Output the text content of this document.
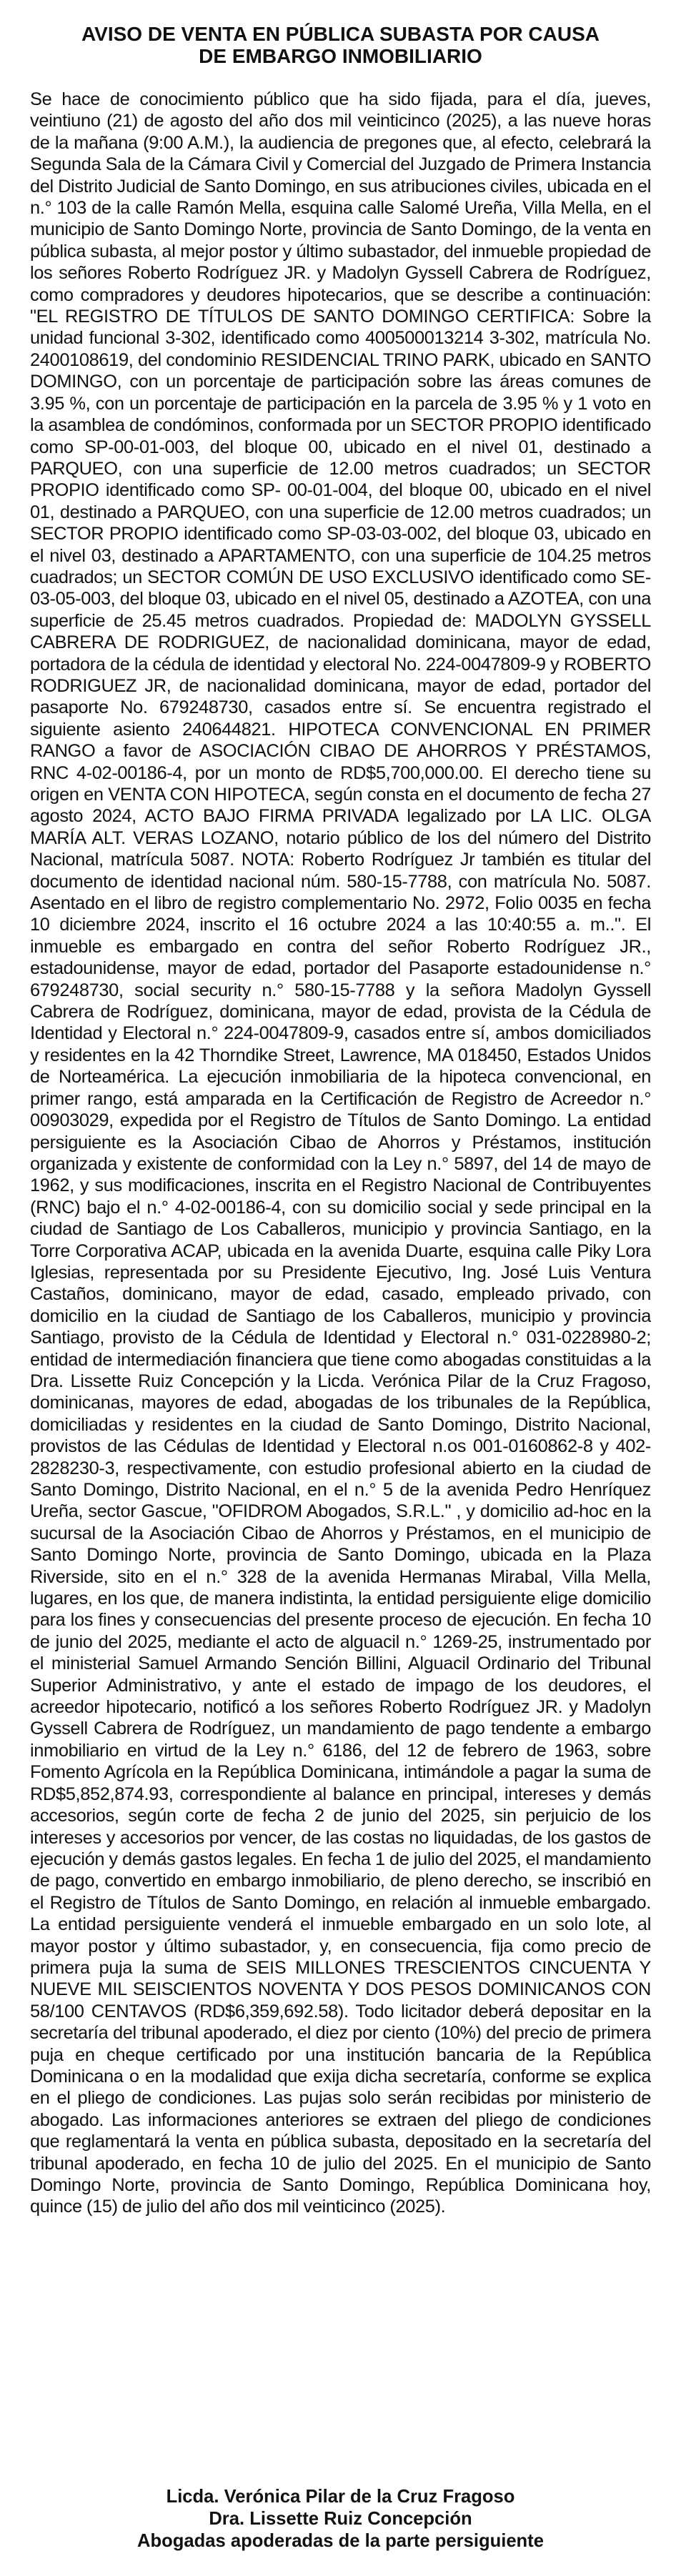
AVISO DE VENTA EN PÚBLICA SUBASTA POR CAUSA
DE EMBARGO INMOBILIARIO

Se hace de conocimiento público que ha sido fijada, para el día, jueves, veintiuno (21) de agosto del año dos mil veinticinco (2025), a las nueve horas de la mañana (9:00 A.M.), la audiencia de pregones que, al efecto, celebrará la Segunda Sala de la Cámara Civil y Comercial del Juzgado de Primera Instancia del Distrito Judicial de Santo Domingo, en sus atribuciones civiles, ubicada en el n.° 103 de la calle Ramón Mella, esquina calle Salomé Ureña, Villa Mella, en el municipio de Santo Domingo Norte, provincia de Santo Domingo, de la venta en pública subasta, al mejor postor y último subastador, del inmueble propiedad de los señores Roberto Rodríguez JR. y Madolyn Gyssell Cabrera de Rodríguez, como compradores y deudores hipotecarios, que se describe a continuación: "EL REGISTRO DE TÍTULOS DE SANTO DOMINGO CERTIFICA: Sobre la unidad funcional 3-302, identificado como 400500013214 3-302, matrícula No. 2400108619, del condominio RESIDENCIAL TRINO PARK, ubicado en SANTO DOMINGO, con un porcentaje de participación sobre las áreas comunes de 3.95 %, con un porcentaje de participación en la parcela de 3.95 % y 1 voto en la asamblea de condóminos, conformada por un SECTOR PROPIO identificado como SP-00-01-003, del bloque 00, ubicado en el nivel 01, destinado a PARQUEO, con una superficie de 12.00 metros cuadrados; un SECTOR PROPIO identificado como SP- 00-01-004, del bloque 00, ubicado en el nivel 01, destinado a PARQUEO, con una superficie de 12.00 metros cuadrados; un SECTOR PROPIO identificado como SP-03-03-002, del bloque 03, ubicado en el nivel 03, destinado a APARTAMENTO, con una superficie de 104.25 metros cuadrados; un SECTOR COMÚN DE USO EXCLUSIVO identificado como SE-03-05-003, del bloque 03, ubicado en el nivel 05, destinado a AZOTEA, con una superficie de 25.45 metros cuadrados. Propiedad de: MADOLYN GYSSELL CABRERA DE RODRIGUEZ, de nacionalidad dominicana, mayor de edad, portadora de la cédula de identidad y electoral No. 224-0047809-9 y ROBERTO RODRIGUEZ JR, de nacionalidad dominicana, mayor de edad, portador del pasaporte No. 679248730, casados entre sí. Se encuentra registrado el siguiente asiento 240644821. HIPOTECA CONVENCIONAL EN PRIMER RANGO a favor de ASOCIACIÓN CIBAO DE AHORROS Y PRÉSTAMOS, RNC 4-02-00186-4, por un monto de RD$5,700,000.00. El derecho tiene su origen en VENTA CON HIPOTECA, según consta en el documento de fecha 27 agosto 2024, ACTO BAJO FIRMA PRIVADA legalizado por LA LIC. OLGA MARÍA ALT. VERAS LOZANO, notario público de los del número del Distrito Nacional, matrícula 5087. NOTA: Roberto Rodríguez Jr también es titular del documento de identidad nacional núm. 580-15-7788, con matrícula No. 5087. Asentado en el libro de registro complementario No. 2972, Folio 0035 en fecha 10 diciembre 2024, inscrito el 16 octubre 2024 a las 10:40:55 a. m..". El inmueble es embargado en contra del señor Roberto Rodríguez JR., estadounidense, mayor de edad, portador del Pasaporte estadounidense n.° 679248730, social security n.° 580-15-7788 y la señora Madolyn Gyssell Cabrera de Rodríguez, dominicana, mayor de edad, provista de la Cédula de Identidad y Electoral n.° 224-0047809-9, casados entre sí, ambos domiciliados y residentes en la 42 Thorndike Street, Lawrence, MA 018450, Estados Unidos de Norteamérica. La ejecución inmobiliaria de la hipoteca convencional, en primer rango, está amparada en la Certificación de Registro de Acreedor n.° 00903029, expedida por el Registro de Títulos de Santo Domingo. La entidad persiguiente es la Asociación Cibao de Ahorros y Préstamos, institución organizada y existente de conformidad con la Ley n.° 5897, del 14 de mayo de 1962, y sus modificaciones, inscrita en el Registro Nacional de Contribuyentes (RNC) bajo el n.° 4-02-00186-4, con su domicilio social y sede principal en la ciudad de Santiago de Los Caballeros, municipio y provincia Santiago, en la Torre Corporativa ACAP, ubicada en la avenida Duarte, esquina calle Piky Lora Iglesias, representada por su Presidente Ejecutivo, Ing. José Luis Ventura Castaños, dominicano, mayor de edad, casado, empleado privado, con domicilio en la ciudad de Santiago de los Caballeros, municipio y provincia Santiago, provisto de la Cédula de Identidad y Electoral n.° 031-0228980-2; entidad de intermediación financiera que tiene como abogadas constituidas a la Dra. Lissette Ruiz Concepción y la Licda. Verónica Pilar de la Cruz Fragoso, dominicanas, mayores de edad, abogadas de los tribunales de la República, domiciliadas y residentes en la ciudad de Santo Domingo, Distrito Nacional, provistos de las Cédulas de Identidad y Electoral n.os 001-0160862-8 y 402-2828230-3, respectivamente, con estudio profesional abierto en la ciudad de Santo Domingo, Distrito Nacional, en el n.° 5 de la avenida Pedro Henríquez Ureña, sector Gascue, "OFIDROM Abogados, S.R.L." , y domicilio ad-hoc en la sucursal de la Asociación Cibao de Ahorros y Préstamos, en el municipio de Santo Domingo Norte, provincia de Santo Domingo, ubicada en la Plaza Riverside, sito en el n.° 328 de la avenida Hermanas Mirabal, Villa Mella, lugares, en los que, de manera indistinta, la entidad persiguiente elige domicilio para los fines y consecuencias del presente proceso de ejecución. En fecha 10 de junio del 2025, mediante el acto de alguacil n.° 1269-25, instrumentado por el ministerial Samuel Armando Sención Billini, Alguacil Ordinario del Tribunal Superior Administrativo, y ante el estado de impago de los deudores, el acreedor hipotecario, notificó a los señores Roberto Rodríguez JR. y Madolyn Gyssell Cabrera de Rodríguez, un mandamiento de pago tendente a embargo inmobiliario en virtud de la Ley n.° 6186, del 12 de febrero de 1963, sobre Fomento Agrícola en la República Dominicana, intimándole a pagar la suma de RD$5,852,874.93, correspondiente al balance en principal, intereses y demás accesorios, según corte de fecha 2 de junio del 2025, sin perjuicio de los intereses y accesorios por vencer, de las costas no liquidadas, de los gastos de ejecución y demás gastos legales. En fecha 1 de julio del 2025, el mandamiento de pago, convertido en embargo inmobiliario, de pleno derecho, se inscribió en el Registro de Títulos de Santo Domingo, en relación al inmueble embargado. La entidad persiguiente venderá el inmueble embargado en un solo lote, al mayor postor y último subastador, y, en consecuencia, fija como precio de primera puja la suma de SEIS MILLONES TRESCIENTOS CINCUENTA Y NUEVE MIL SEISCIENTOS NOVENTA Y DOS PESOS DOMINICANOS CON 58/100 CENTAVOS (RD$6,359,692.58). Todo licitador deberá depositar en la secretaría del tribunal apoderado, el diez por ciento (10%) del precio de primera puja en cheque certificado por una institución bancaria de la República Dominicana o en la modalidad que exija dicha secretaría, conforme se explica en el pliego de condiciones. Las pujas solo serán recibidas por ministerio de abogado. Las informaciones anteriores se extraen del pliego de condiciones que reglamentará la venta en pública subasta, depositado en la secretaría del tribunal apoderado, en fecha 10 de julio del 2025. En el municipio de Santo Domingo Norte, provincia de Santo Domingo, República Dominicana hoy, quince (15) de julio del año dos mil veinticinco (2025).

Licda. Verónica Pilar de la Cruz Fragoso
Dra. Lissette Ruiz Concepción
Abogadas apoderadas de la parte persiguiente
